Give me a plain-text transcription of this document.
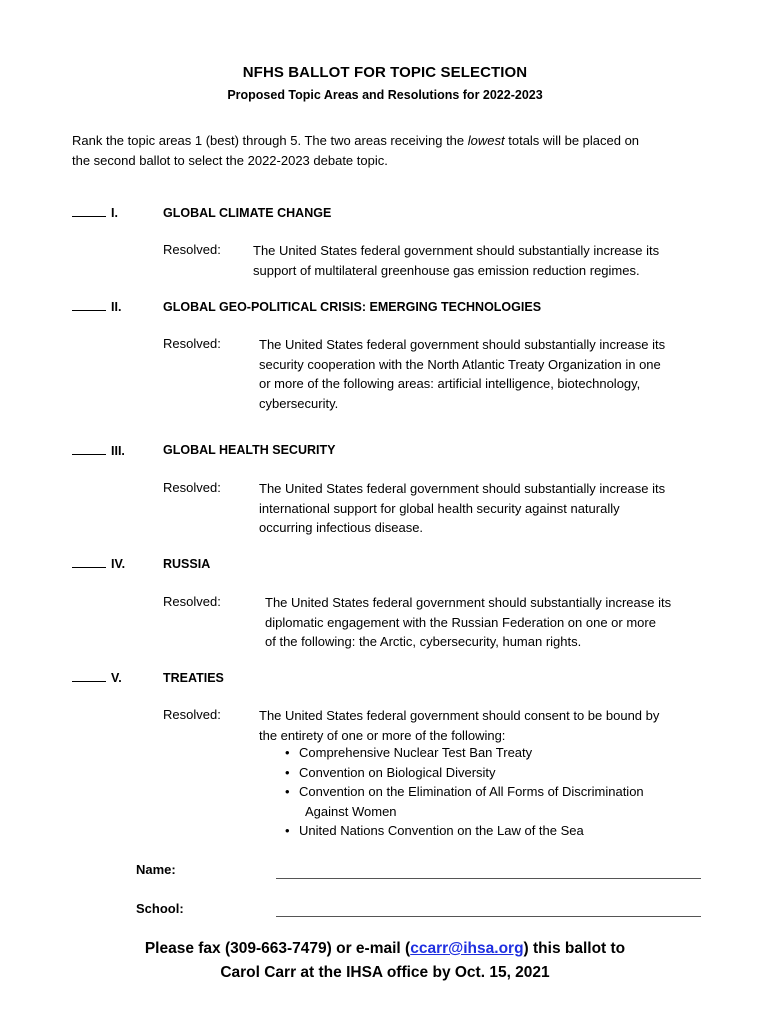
NFHS BALLOT FOR TOPIC SELECTION
Proposed Topic Areas and Resolutions for 2022-2023
Rank the topic areas 1 (best) through 5. The two areas receiving the lowest totals will be placed on
the second ballot to select the 2022-2023 debate topic.
I.	GLOBAL CLIMATE CHANGE
Resolved: The United States federal government should substantially increase its
support of multilateral greenhouse gas emission reduction regimes.
II.	GLOBAL GEO-POLITICAL CRISIS: EMERGING TECHNOLOGIES
Resolved:	The United States federal government should substantially increase its
security cooperation with the North Atlantic Treaty Organization in one
or more of the following areas: artificial intelligence, biotechnology,
cybersecurity.
III.	GLOBAL HEALTH SECURITY
Resolved:	The United States federal government should substantially increase its
international support for global health security against naturally
occurring infectious disease.
IV.	RUSSIA
Resolved:	The United States federal government should substantially increase its
diplomatic engagement with the Russian Federation on one or more
of the following: the Arctic, cybersecurity, human rights.
V.	TREATIES
Resolved:	The United States federal government should consent to be bound by
the entirety of one or more of the following:
• Comprehensive Nuclear Test Ban Treaty
• Convention on Biological Diversity
• Convention on the Elimination of All Forms of Discrimination
Against Women
• United Nations Convention on the Law of the Sea
Name:
School:
Please fax (309-663-7479) or e-mail (ccarr@ihsa.org) this ballot to
Carol Carr at the IHSA office by Oct. 15, 2021
